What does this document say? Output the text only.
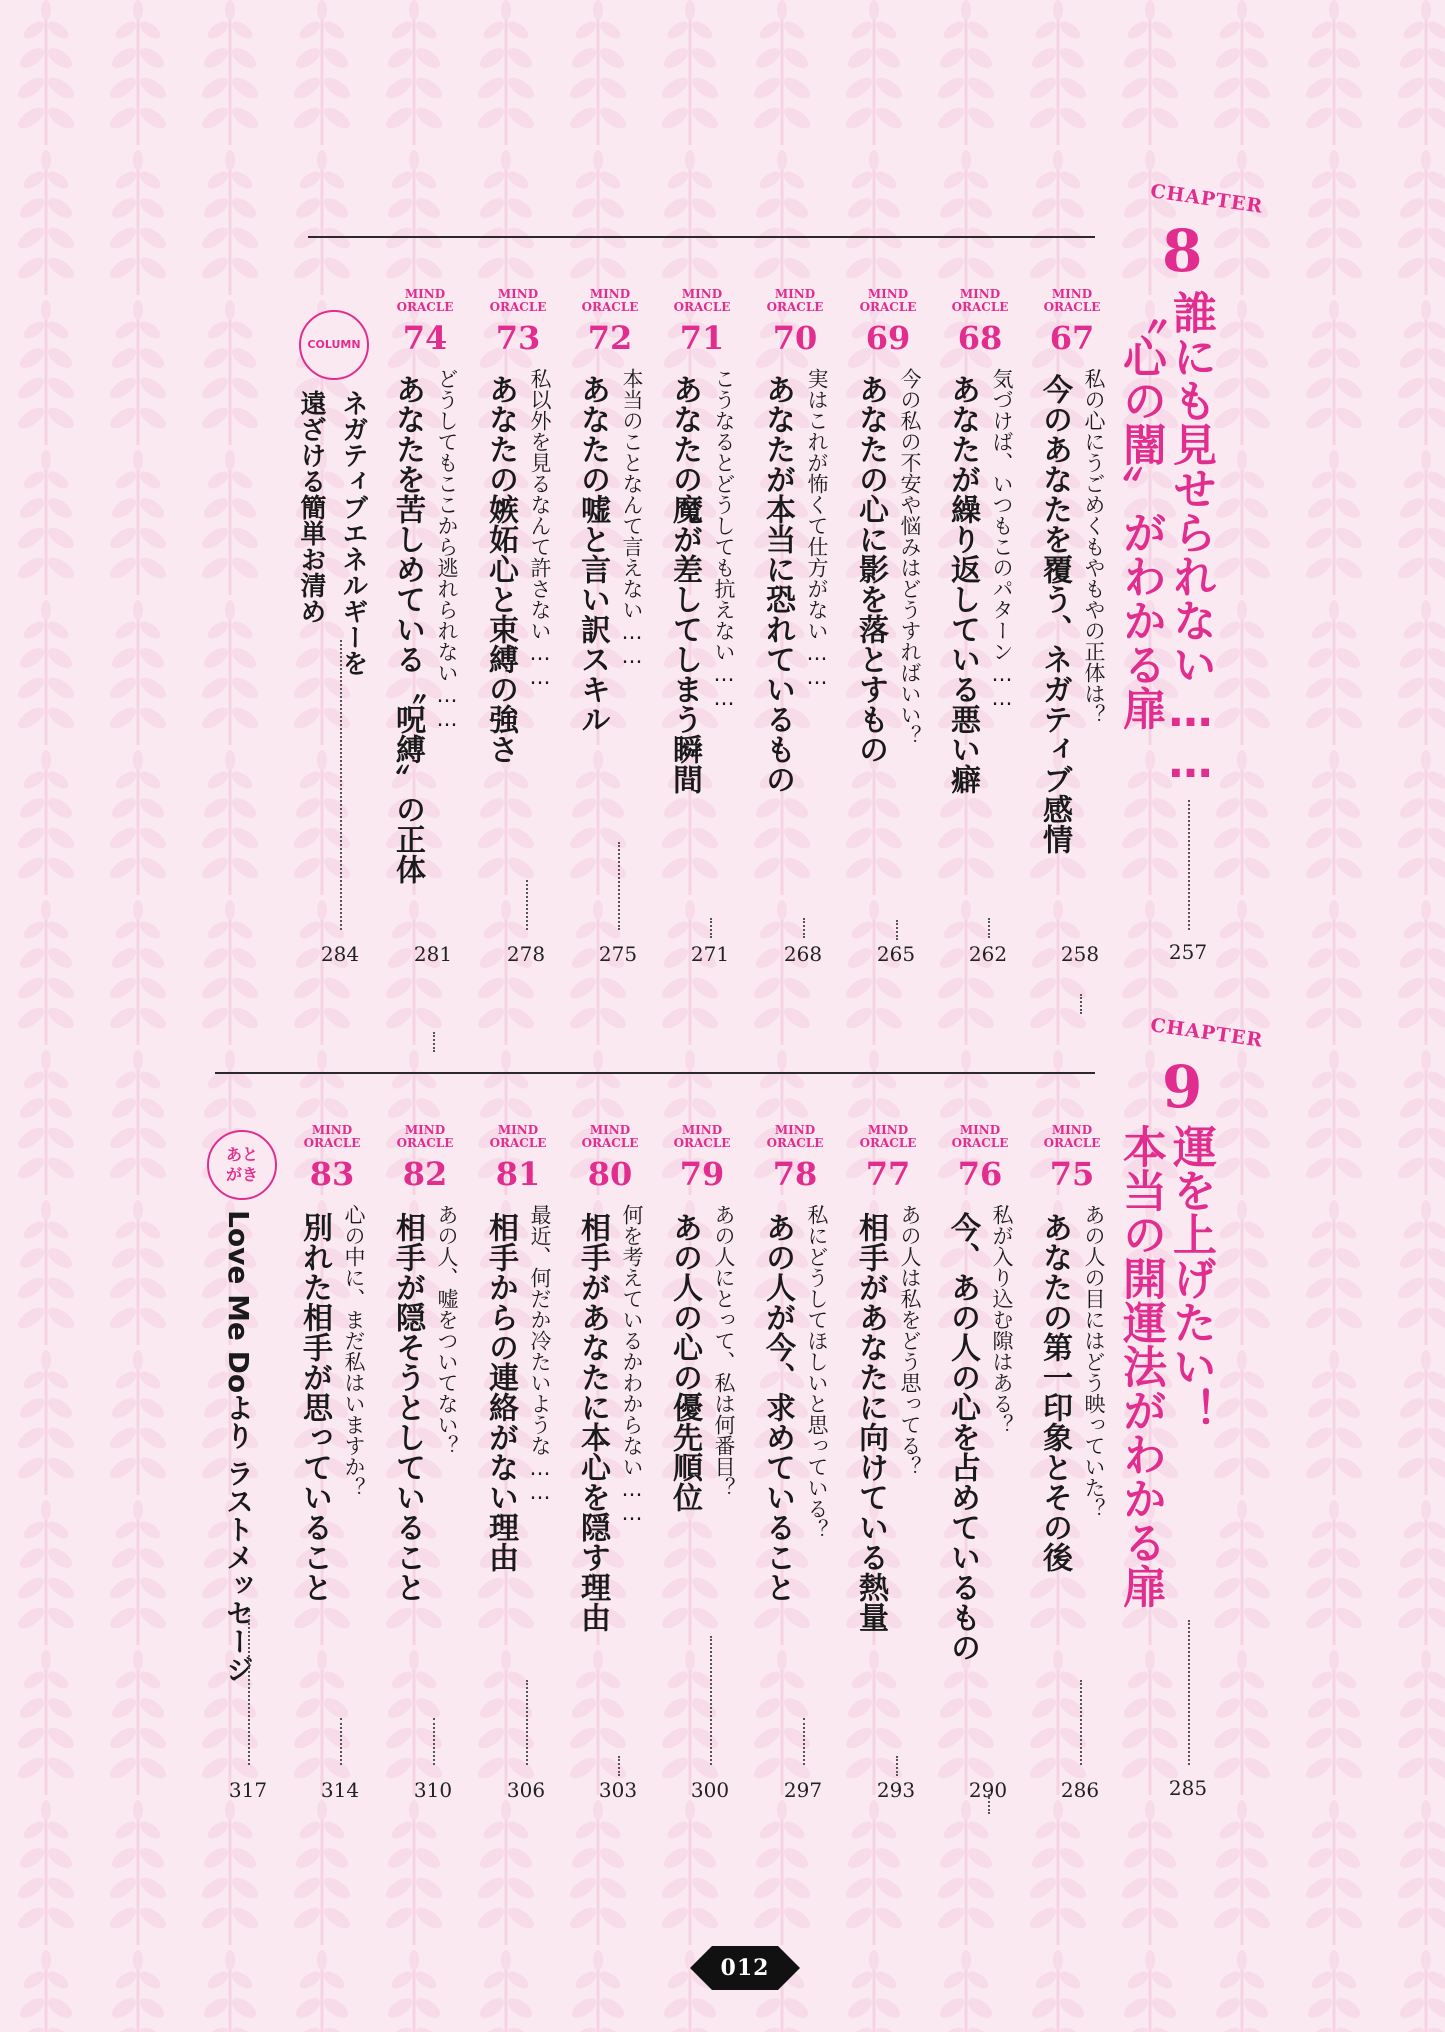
CHAPTER
8
誰にも見せられない……
〝心の闇〟がわかる扉
257
MIND
ORACLE
67
私の心にうごめくもやもやの正体は？
今のあなたを覆う、ネガティブ感情
258
MIND
ORACLE
68
気づけば、いつもこのパターン……
あなたが繰り返している悪い癖
262
MIND
ORACLE
69
今の私の不安や悩みはどうすればいい？
あなたの心に影を落とすもの
265
MIND
ORACLE
70
実はこれが怖くて仕方がない……
あなたが本当に恐れているもの
268
MIND
ORACLE
71
こうなるとどうしても抗えない……
あなたの魔が差してしまう瞬間
271
MIND
ORACLE
72
本当のことなんて言えない……
あなたの嘘と言い訳スキル
275
MIND
ORACLE
73
私以外を見るなんて許さない……
あなたの嫉妬心と束縛の強さ
278
MIND
ORACLE
74
どうしてもここから逃れられない……
あなたを苦しめている〝呪縛〟の正体
281
COLUMN
ネガティブエネルギーを
遠ざける簡単お清め
284
CHAPTER
9
運を上げたい！
本当の開運法がわかる扉
285
MIND
ORACLE
75
あの人の目にはどう映っていた？
あなたの第一印象とその後
286
MIND
ORACLE
76
私が入り込む隙はある？
今、あの人の心を占めているもの
290
MIND
ORACLE
77
あの人は私をどう思ってる？
相手があなたに向けている熱量
293
MIND
ORACLE
78
私にどうしてほしいと思っている？
あの人が今、求めていること
297
MIND
ORACLE
79
あの人にとって、私は何番目？
あの人の心の優先順位
300
MIND
ORACLE
80
何を考えているかわからない……
相手があなたに本心を隠す理由
303
MIND
ORACLE
81
最近、何だか冷たいような……
相手からの連絡がない理由
306
MIND
ORACLE
82
あの人、嘘をついてない？
相手が隠そうとしていること
310
MIND
ORACLE
83
心の中に、まだ私はいますか？
別れた相手が思っていること
314
あと
がき
Love Me Doより ラストメッセージ
317
012
